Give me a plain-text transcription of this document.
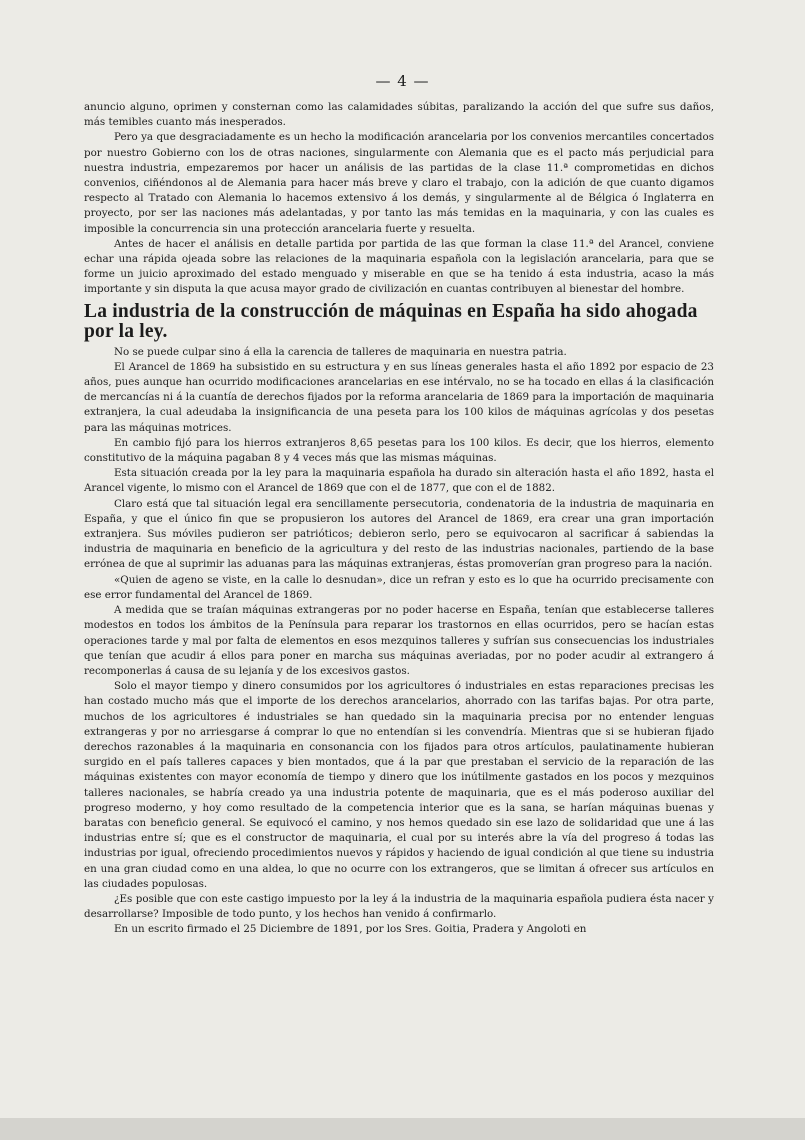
— 4 —

anuncio alguno, oprimen y consternan como las calamidades súbitas, paralizando la acción del que sufre sus daños, más temibles cuanto más inesperados.

Pero ya que desgraciadamente es un hecho la modificación arancelaria por los convenios mercantiles concertados por nuestro Gobierno con los de otras naciones, singularmente con Alemania que es el pacto más perjudicial para nuestra industria, empezaremos por hacer un análisis de las partidas de la clase 11.ª comprometidas en dichos convenios, ciñéndonos al de Alemania para hacer más breve y claro el trabajo, con la adición de que cuanto digamos respecto al Tratado con Alemania lo hacemos extensivo á los demás, y singularmente al de Bélgica ó Inglaterra en proyecto, por ser las naciones más adelantadas, y por tanto las más temidas en la maquinaria, y con las cuales es imposible la concurrencia sin una protección arancelaria fuerte y resuelta.

Antes de hacer el análisis en detalle partida por partida de las que forman la clase 11.ª del Arancel, conviene echar una rápida ojeada sobre las relaciones de la maquinaria española con la legislación arancelaria, para que se forme un juicio aproximado del estado menguado y miserable en que se ha tenido á esta industria, acaso la más importante y sin disputa la que acusa mayor grado de civilización en cuantas contribuyen al bienestar del hombre.

La industria de la construcción de máquinas en España ha sido ahogada por la ley.

No se puede culpar sino á ella la carencia de talleres de maquinaria en nuestra patria.

El Arancel de 1869 ha subsistido en su estructura y en sus líneas generales hasta el año 1892 por espacio de 23 años, pues aunque han ocurrido modificaciones arancelarias en ese intérvalo, no se ha tocado en ellas á la clasificación de mercancías ni á la cuantía de derechos fijados por la reforma arancelaria de 1869 para la importación de maquinaria extranjera, la cual adeudaba la insignificancia de una peseta para los 100 kilos de máquinas agrícolas y dos pesetas para las máquinas motrices.

En cambio fijó para los hierros extranjeros 8,65 pesetas para los 100 kilos. Es decir, que los hierros, elemento constitutivo de la máquina pagaban 8 y 4 veces más que las mismas máquinas.

Esta situación creada por la ley para la maquinaria española ha durado sin alteración hasta el año 1892, hasta el Arancel vigente, lo mismo con el Arancel de 1869 que con el de 1877, que con el de 1882.

Claro está que tal situación legal era sencillamente persecutoria, condenatoria de la industria de maquinaria en España, y que el único fin que se propusieron los autores del Arancel de 1869, era crear una gran importación extranjera. Sus móviles pudieron ser patrióticos; debieron serlo, pero se equivocaron al sacrificar á sabiendas la industria de maquinaria en beneficio de la agricultura y del resto de las industrias nacionales, partiendo de la base errónea de que al suprimir las aduanas para las máquinas extranjeras, éstas promoverían gran progreso para la nación.

«Quien de ageno se viste, en la calle lo desnudan», dice un refran y esto es lo que ha ocurrido precisamente con ese error fundamental del Arancel de 1869.

A medida que se traían máquinas extrangeras por no poder hacerse en España, tenían que establecerse talleres modestos en todos los ámbitos de la Península para reparar los trastornos en ellas ocurridos, pero se hacían estas operaciones tarde y mal por falta de elementos en esos mezquinos talleres y sufrían sus consecuencias los industriales que tenían que acudir á ellos para poner en marcha sus máquinas averiadas, por no poder acudir al extrangero á recomponerlas á causa de su lejanía y de los excesivos gastos.

Solo el mayor tiempo y dinero consumidos por los agricultores ó industriales en estas reparaciones precisas les han costado mucho más que el importe de los derechos arancelarios, ahorrado con las tarifas bajas. Por otra parte, muchos de los agricultores é industriales se han quedado sin la maquinaria precisa por no entender lenguas extrangeras y por no arriesgarse á comprar lo que no entendían si les convendría. Mientras que si se hubieran fijado derechos razonables á la maquinaria en consonancia con los fijados para otros artículos, paulatinamente hubieran surgido en el país talleres capaces y bien montados, que á la par que prestaban el servicio de la reparación de las máquinas existentes con mayor economía de tiempo y dinero que los inútilmente gastados en los pocos y mezquinos talleres nacionales, se habría creado ya una industria potente de maquinaria, que es el más poderoso auxiliar del progreso moderno, y hoy como resultado de la competencia interior que es la sana, se harían máquinas buenas y baratas con beneficio general. Se equivocó el camino, y nos hemos quedado sin ese lazo de solidaridad que une á las industrias entre sí; que es el constructor de maquinaria, el cual por su interés abre la vía del progreso á todas las industrias por igual, ofreciendo procedimientos nuevos y rápidos y haciendo de igual condición al que tiene su industria en una gran ciudad como en una aldea, lo que no ocurre con los extrangeros, que se limitan á ofrecer sus artículos en las ciudades populosas.

¿Es posible que con este castigo impuesto por la ley á la industria de la maquinaria española pudiera ésta nacer y desarrollarse? Imposible de todo punto, y los hechos han venido á confirmarlo.

En un escrito firmado el 25 Diciembre de 1891, por los Sres. Goitia, Pradera y Angoloti en
